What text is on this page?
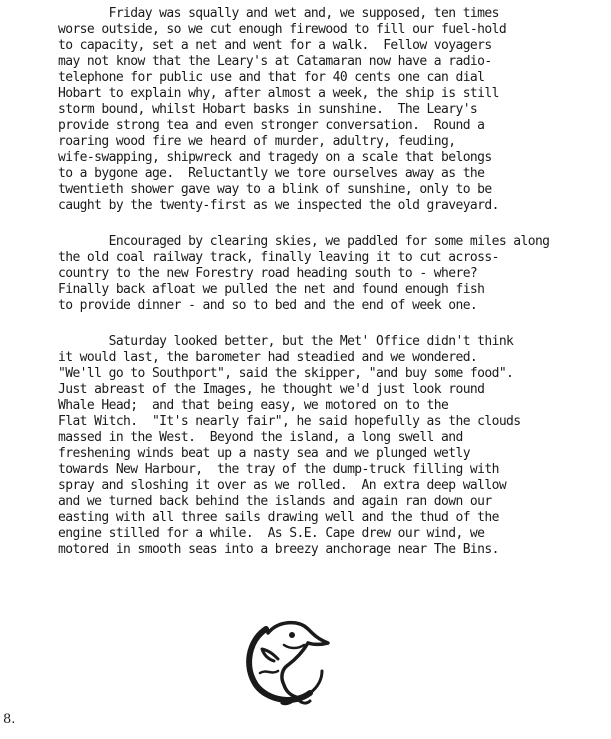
Friday was squally and wet and, we supposed, ten times
worse outside, so we cut enough firewood to fill our fuel-hold
to capacity, set a net and went for a walk.  Fellow voyagers
may not know that the Leary's at Catamaran now have a radio-
telephone for public use and that for 40 cents one can dial
Hobart to explain why, after almost a week, the ship is still
storm bound, whilst Hobart basks in sunshine.  The Leary's
provide strong tea and even stronger conversation.  Round a
roaring wood fire we heard of murder, adultry, feuding,
wife-swapping, shipwreck and tragedy on a scale that belongs
to a bygone age.  Reluctantly we tore ourselves away as the
twentieth shower gave way to a blink of sunshine, only to be
caught by the twenty-first as we inspected the old graveyard.
Encouraged by clearing skies, we paddled for some miles along
the old coal railway track, finally leaving it to cut across-
country to the new Forestry road heading south to - where?
Finally back afloat we pulled the net and found enough fish
to provide dinner - and so to bed and the end of week one.
Saturday looked better, but the Met' Office didn't think
it would last, the barometer had steadied and we wondered.
"We'll go to Southport", said the skipper, "and buy some food".
Just abreast of the Images, he thought we'd just look round
Whale Head;  and that being easy, we motored on to the
Flat Witch.  "It's nearly fair", he said hopefully as the clouds
massed in the West.  Beyond the island, a long swell and
freshening winds beat up a nasty sea and we plunged wetly
towards New Harbour,  the tray of the dump-truck filling with
spray and sloshing it over as we rolled.  An extra deep wallow
and we turned back behind the islands and again ran down our
easting with all three sails drawing well and the thud of the
engine stilled for a while.  As S.E. Cape drew our wind, we
motored in smooth seas into a breezy anchorage near The Bins.
8.
